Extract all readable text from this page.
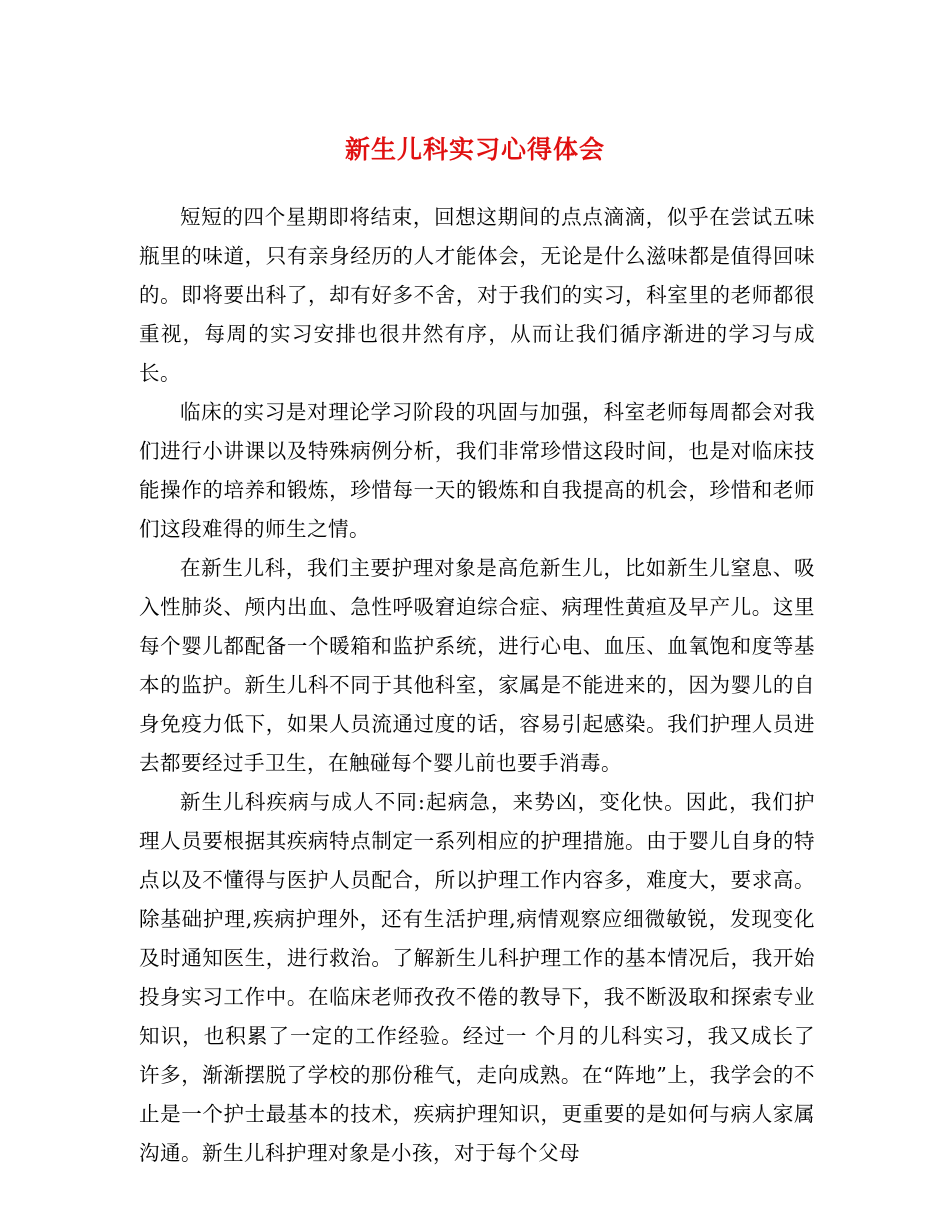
新生儿科实习心得体会

短短的四个星期即将结束，回想这期间的点点滴滴，似乎在尝试五味瓶里的味道，只有亲身经历的人才能体会，无论是什么滋味都是值得回味的。即将要出科了，却有好多不舍，对于我们的实习，科室里的老师都很重视，每周的实习安排也很井然有序，从而让我们循序渐进的学习与成长。

临床的实习是对理论学习阶段的巩固与加强，科室老师每周都会对我们进行小讲课以及特殊病例分析，我们非常珍惜这段时间，也是对临床技能操作的培养和锻炼，珍惜每一天的锻炼和自我提高的机会，珍惜和老师们这段难得的师生之情。

在新生儿科，我们主要护理对象是高危新生儿，比如新生儿窒息、吸入性肺炎、颅内出血、急性呼吸窘迫综合症、病理性黄疸及早产儿。这里每个婴儿都配备一个暖箱和监护系统，进行心电、血压、血氧饱和度等基本的监护。新生儿科不同于其他科室，家属是不能进来的，因为婴儿的自身免疫力低下，如果人员流通过度的话，容易引起感染。我们护理人员进去都要经过手卫生，在触碰每个婴儿前也要手消毒。

新生儿科疾病与成人不同:起病急，来势凶，变化快。因此，我们护理人员要根据其疾病特点制定一系列相应的护理措施。由于婴儿自身的特点以及不懂得与医护人员配合，所以护理工作内容多，难度大，要求高。除基础护理,疾病护理外，还有生活护理,病情观察应细微敏锐，发现变化及时通知医生，进行救治。了解新生儿科护理工作的基本情况后，我开始投身实习工作中。在临床老师孜孜不倦的教导下，我不断汲取和探索专业知识，也积累了一定的工作经验。经过一 个月的儿科实习，我又成长了许多，渐渐摆脱了学校的那份稚气，走向成熟。在“阵地”上，我学会的不止是一个护士最基本的技术，疾病护理知识，更重要的是如何与病人家属沟通。新生儿科护理对象是小孩，对于每个父母
